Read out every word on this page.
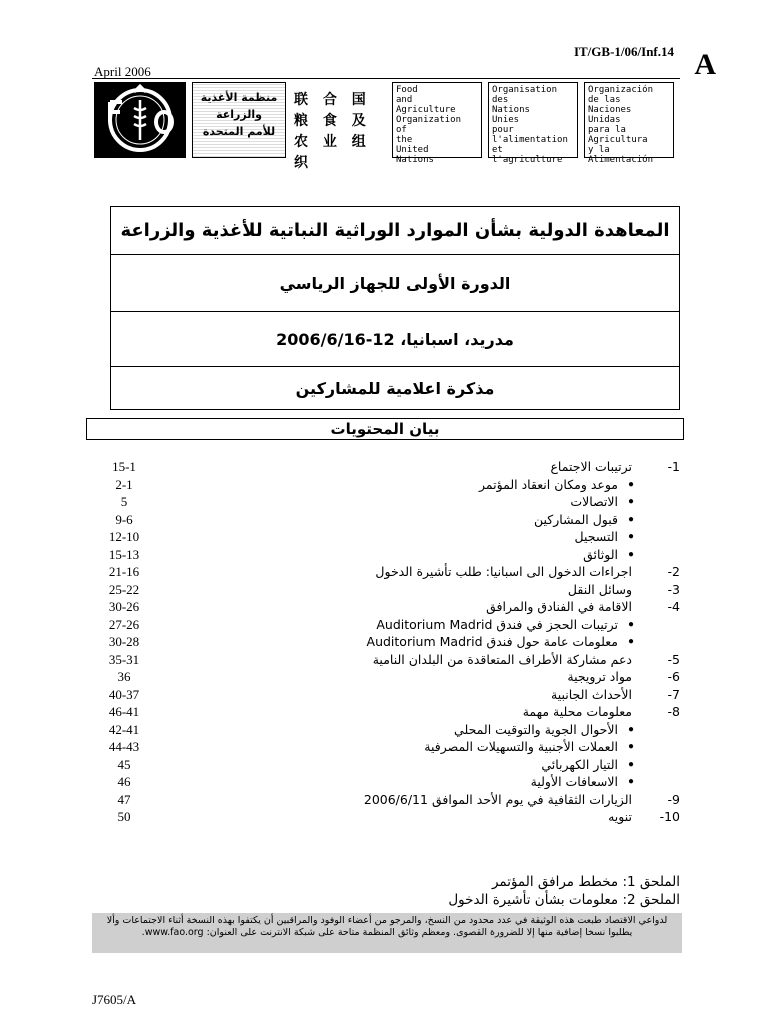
IT/GB-1/06/Inf.14 A
April 2006
منظمة الأغذية
والزراعة
للأمم المتحدة
联 合 国
粮 食 及
农 业 组 织
Food
and
Agriculture
Organization
of
the
United
Nations
Organisation
des
Nations
Unies
pour
l'alimentation
et
l'agriculture
Organización
de las
Naciones
Unidas
para la
Agricultura
y la
Alimentación
المعاهدة الدولية بشأن الموارد الوراثية النباتية للأغذية والزراعة
الدورة الأولى للجهاز الرياسي
مدريد، اسبانيا، 12-2006/6/16
مذكرة اعلامية للمشاركين
بيان المحتويات
15-1	ترتيبات الاجتماع	-1
2-1	موعد ومكان انعقاد المؤتمر ●
5	الاتصالات ●
9-6	قبول المشاركين ●
12-10	التسجيل ●
15-13	الوثائق ●
21-16	اجراءات الدخول الى اسبانيا: طلب تأشيرة الدخول	-2
25-22	وسائل النقل	-3
30-26	الاقامة في الفنادق والمرافق	-4
27-26	ترتيبات الحجز في فندق Auditorium Madrid ●
30-28	معلومات عامة حول فندق Auditorium Madrid ●
35-31	دعم مشاركة الأطراف المتعاقدة من البلدان النامية	-5
36	مواد ترويجية	-6
40-37	الأحداث الجانبية	-7
46-41	معلومات محلية مهمة	-8
42-41	الأحوال الجوية والتوقيت المحلي ●
44-43	العملات الأجنبية والتسهيلات المصرفية ●
45	التيار الكهربائي ●
46	الاسعافات الأولية ●
47	الزيارات الثقافية في يوم الأحد الموافق 2006/6/11	-9
50	تنويه -10
الملحق 1: مخطط مرافق المؤتمر
الملحق 2: معلومات بشأن تأشيرة الدخول
لدواعي الاقتصاد طبعت هذه الوثيقة في عدد محدود من النسخ، والمرجو من أعضاء الوفود والمراقبين أن يكتفوا بهذه النسخة أثناء الاجتماعات وألا يطلبوا نسخا إضافية منها إلا للضرورة القصوى. ومعظم وثائق المنظمة متاحة على شبكة الانترنت على العنوان: www.fao.org.
J7605/A
